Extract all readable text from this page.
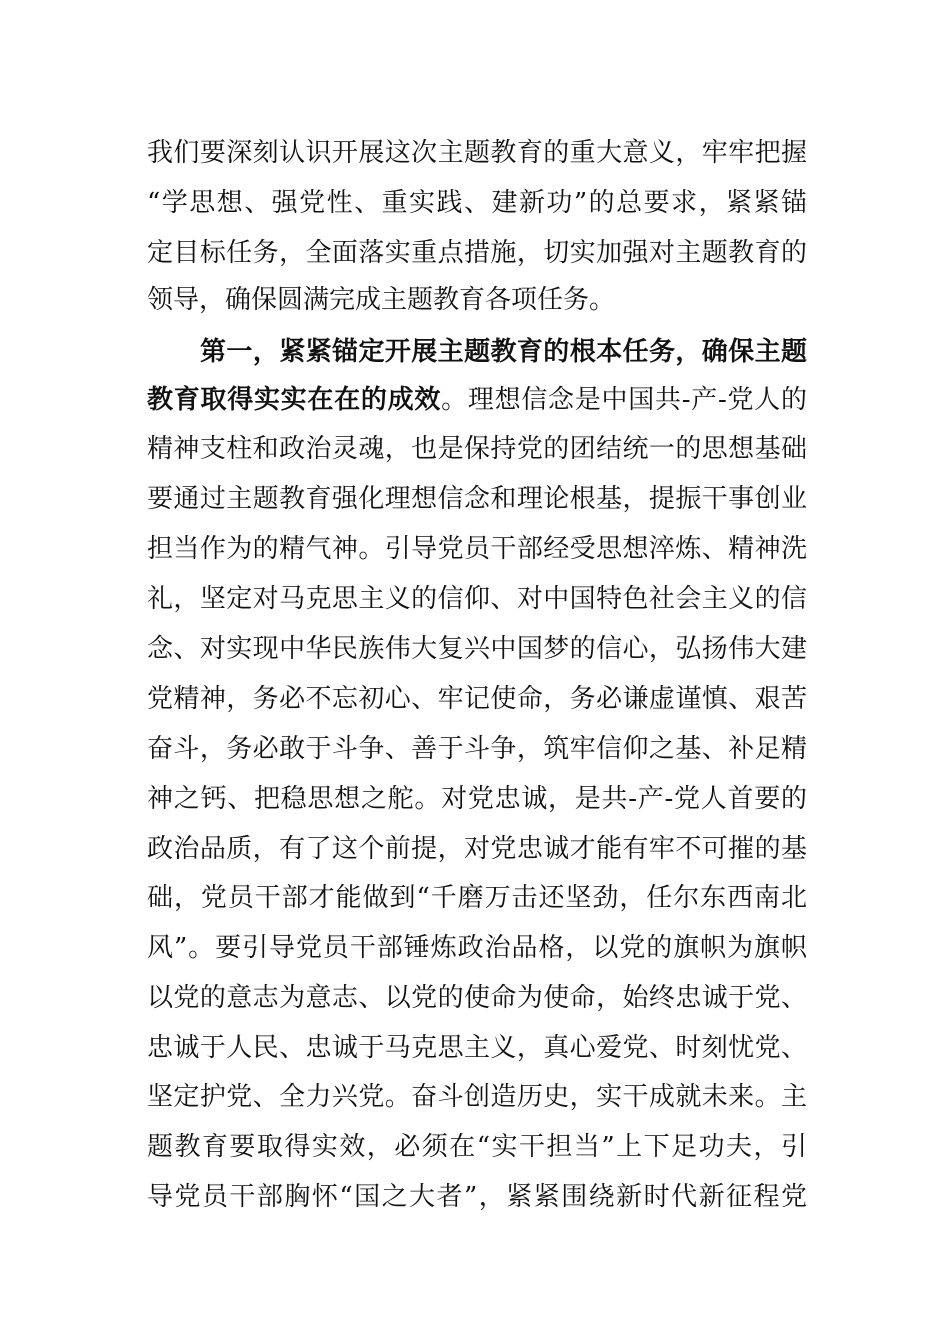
我们要深刻认识开展这次主题教育的重大意义，牢牢把握
“学思想、强党性、重实践、建新功”的总要求，紧紧锚
定目标任务，全面落实重点措施，切实加强对主题教育的
领导，确保圆满完成主题教育各项任务。
第一，紧紧锚定开展主题教育的根本任务，确保主题
教育取得实实在在的成效。理想信念是中国共-产-党人的
精神支柱和政治灵魂，也是保持党的团结统一的思想基础
要通过主题教育强化理想信念和理论根基，提振干事创业
担当作为的精气神。引导党员干部经受思想淬炼、精神洗
礼，坚定对马克思主义的信仰、对中国特色社会主义的信
念、对实现中华民族伟大复兴中国梦的信心，弘扬伟大建
党精神，务必不忘初心、牢记使命，务必谦虚谨慎、艰苦
奋斗，务必敢于斗争、善于斗争，筑牢信仰之基、补足精
神之钙、把稳思想之舵。对党忠诚，是共-产-党人首要的
政治品质，有了这个前提，对党忠诚才能有牢不可摧的基
础，党员干部才能做到“千磨万击还坚劲，任尔东西南北
风”。要引导党员干部锤炼政治品格，以党的旗帜为旗帜
以党的意志为意志、以党的使命为使命，始终忠诚于党、
忠诚于人民、忠诚于马克思主义，真心爱党、时刻忧党、
坚定护党、全力兴党。奋斗创造历史，实干成就未来。主
题教育要取得实效，必须在“实干担当”上下足功夫，引
导党员干部胸怀“国之大者”，紧紧围绕新时代新征程党
